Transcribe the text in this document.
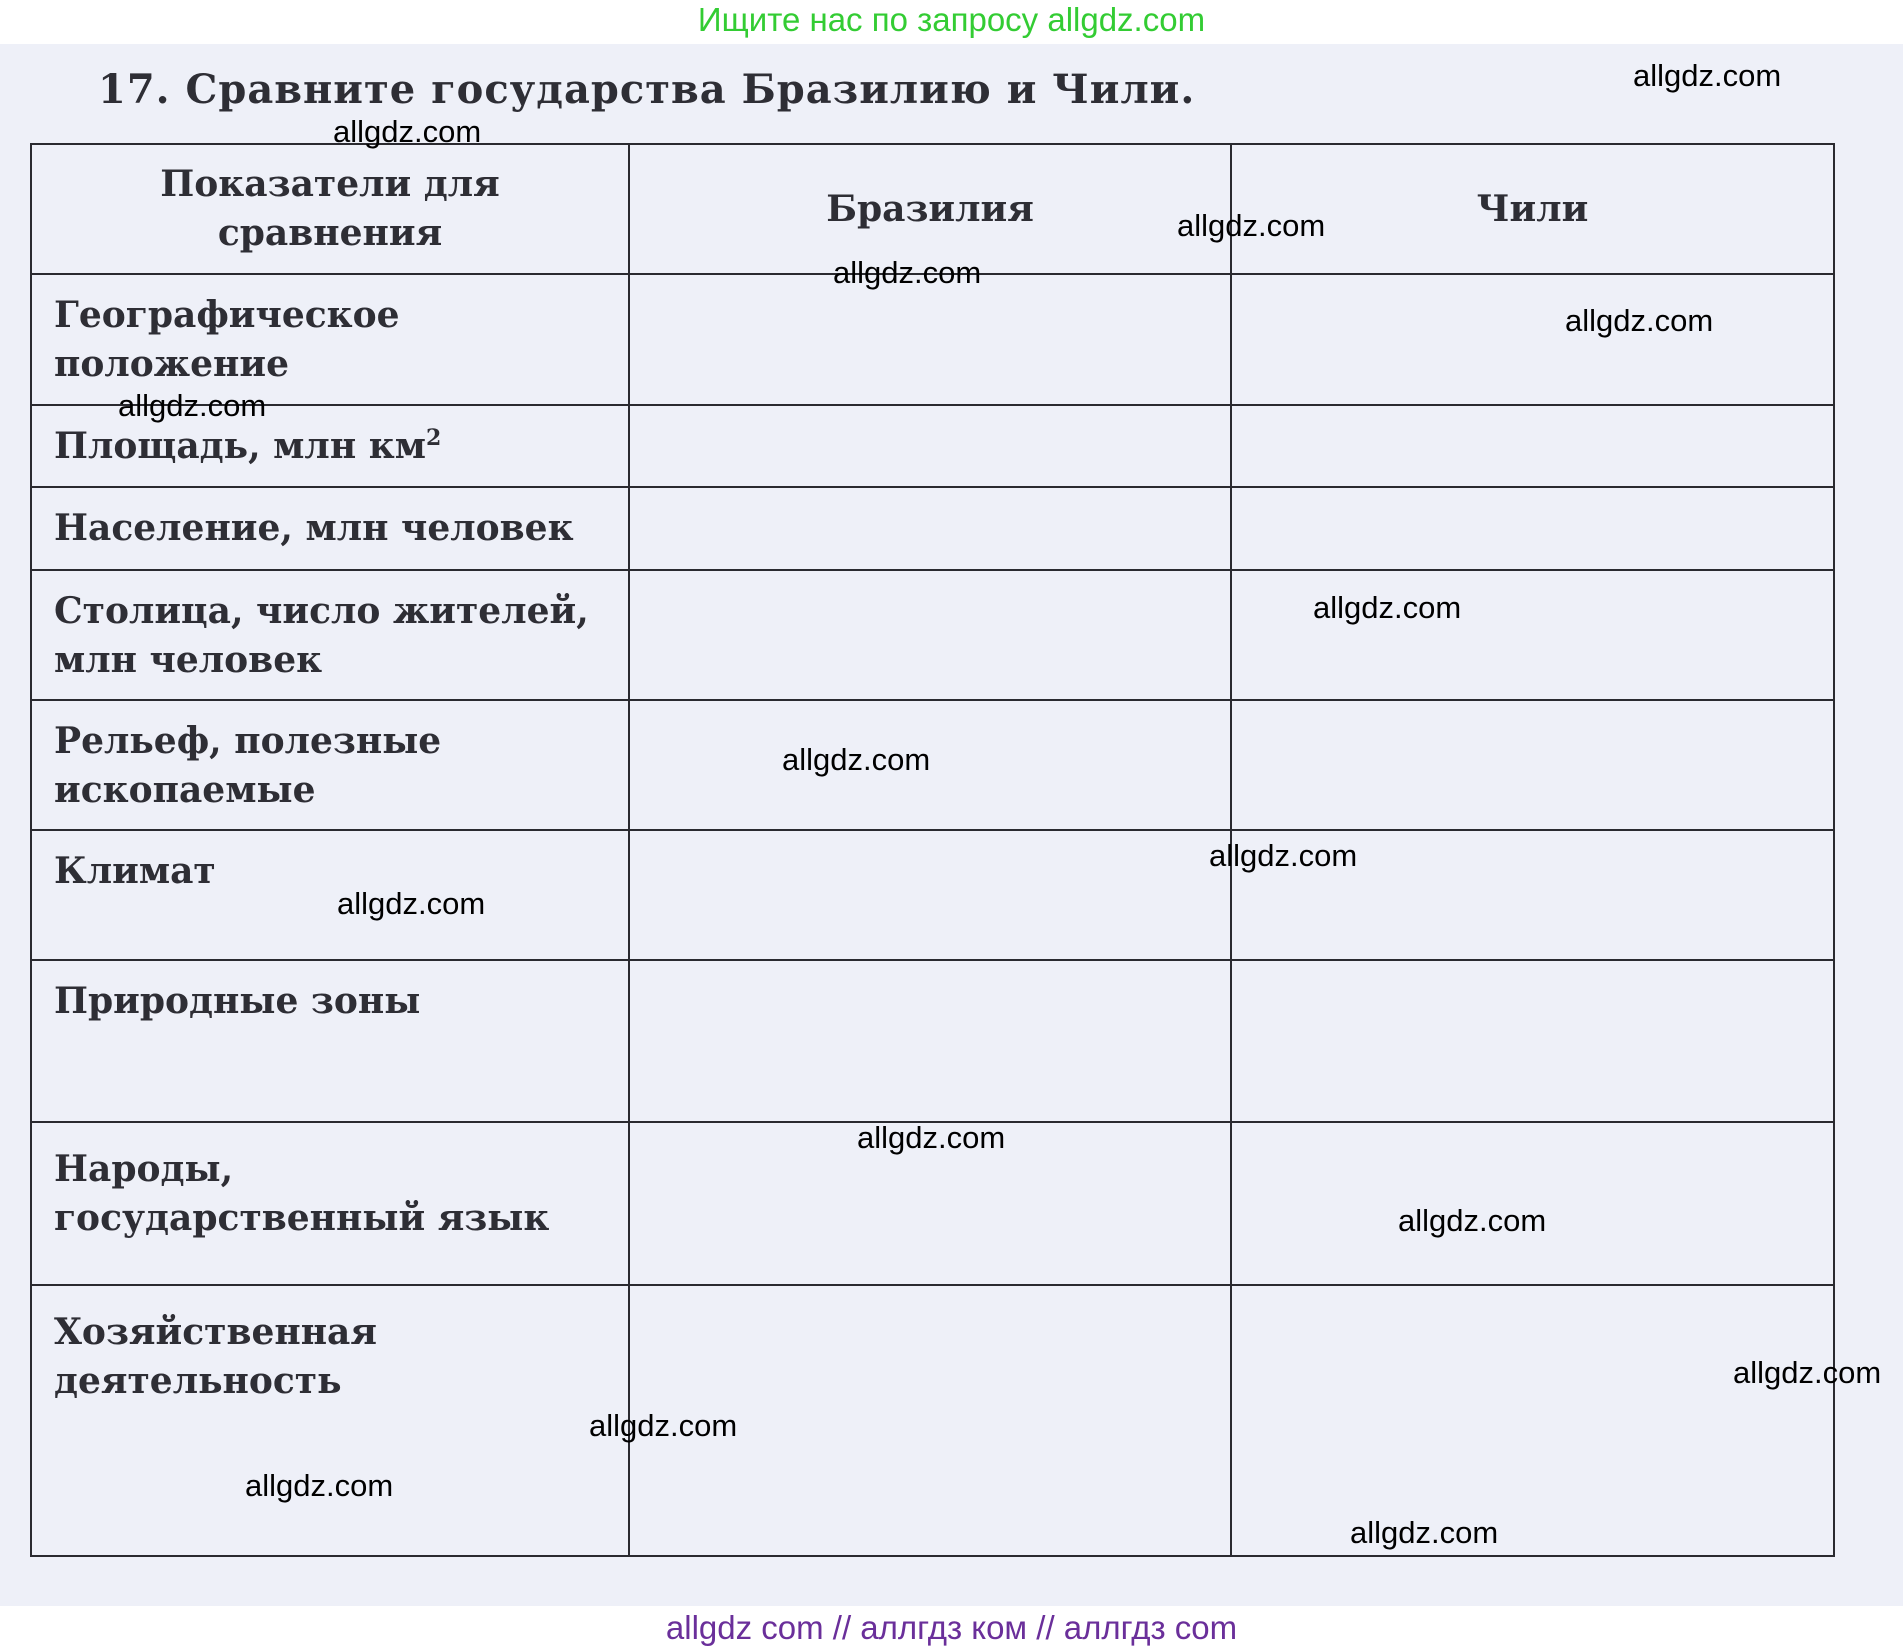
Ищите нас по запросу allgdz.com
17. Сравните государства Бразилию и Чили.
Показатели для сравнения	Бразилия	Чили
Географическое положение		
Площадь, млн $км^2$		
Население, млн человек		
Столица, число жителей, млн человек		
Рельеф, полезные ископаемые		
Климат		
Природные зоны		
Народы, государственный язык		
Хозяйственная деятельность		
allgdz.com
allgdz.com
allgdz.com
allgdz.com
allgdz.com
allgdz.com
allgdz.com
allgdz.com
allgdz.com
allgdz.com
allgdz.com
allgdz.com
allgdz.com
allgdz.com
allgdz.com
allgdz.com
allgdz com // аллгдз ком // аллгдз com
